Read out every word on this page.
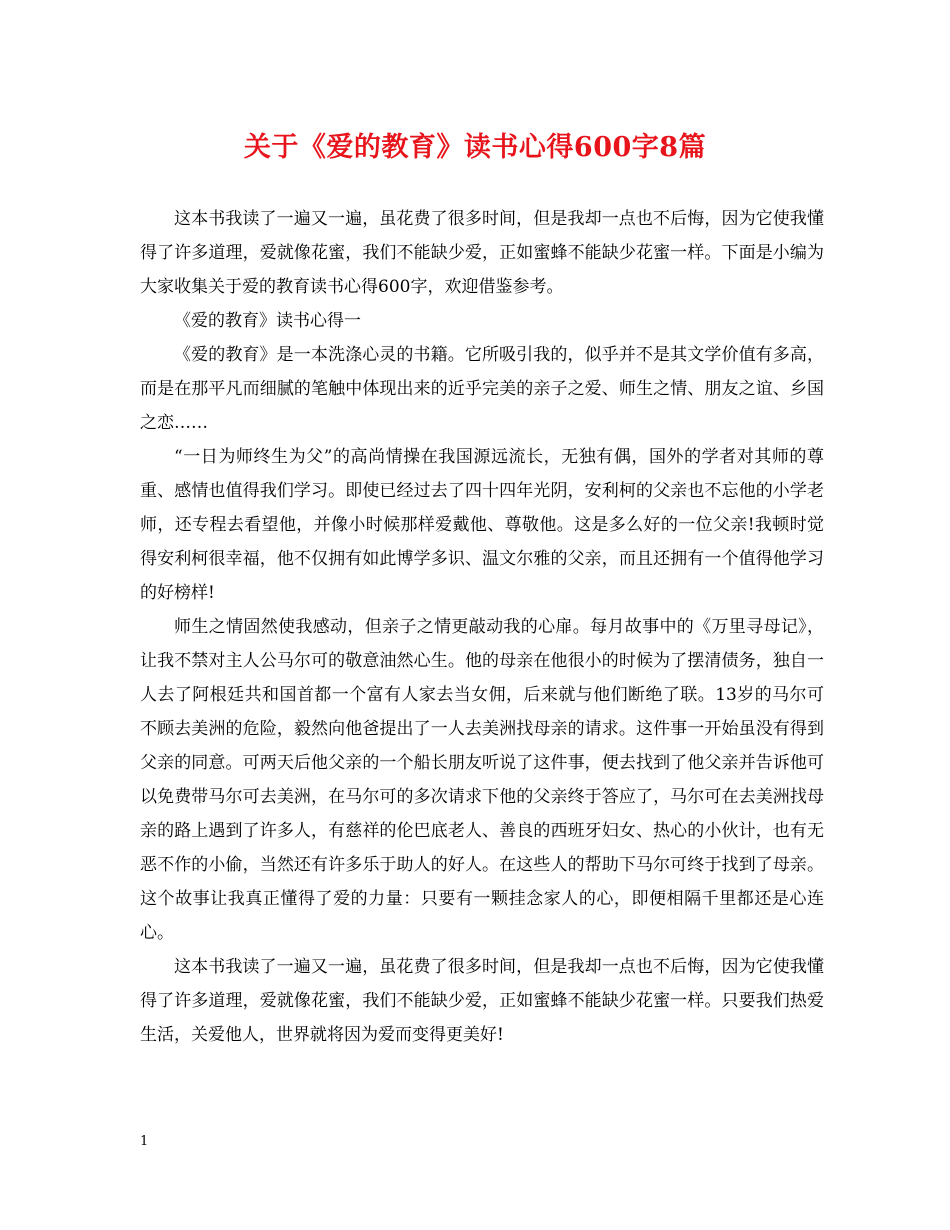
关于《爱的教育》读书心得600字8篇

这本书我读了一遍又一遍，虽花费了很多时间，但是我却一点也不后悔，因为它使我懂得了许多道理，爱就像花蜜，我们不能缺少爱，正如蜜蜂不能缺少花蜜一样。下面是小编为大家收集关于爱的教育读书心得600字，欢迎借鉴参考。

《爱的教育》读书心得一

《爱的教育》是一本洗涤心灵的书籍。它所吸引我的，似乎并不是其文学价值有多高，而是在那平凡而细腻的笔触中体现出来的近乎完美的亲子之爱、师生之情、朋友之谊、乡国之恋……

“一日为师终生为父”的高尚情操在我国源远流长，无独有偶，国外的学者对其师的尊重、感情也值得我们学习。即使已经过去了四十四年光阴，安利柯的父亲也不忘他的小学老师，还专程去看望他，并像小时候那样爱戴他、尊敬他。这是多么好的一位父亲!我顿时觉得安利柯很幸福，他不仅拥有如此博学多识、温文尔雅的父亲，而且还拥有一个值得他学习的好榜样!

师生之情固然使我感动，但亲子之情更敲动我的心扉。每月故事中的《万里寻母记》，让我不禁对主人公马尔可的敬意油然心生。他的母亲在他很小的时候为了摆清债务，独自一人去了阿根廷共和国首都一个富有人家去当女佣，后来就与他们断绝了联。13岁的马尔可不顾去美洲的危险，毅然向他爸提出了一人去美洲找母亲的请求。这件事一开始虽没有得到父亲的同意。可两天后他父亲的一个船长朋友听说了这件事，便去找到了他父亲并告诉他可以免费带马尔可去美洲，在马尔可的多次请求下他的父亲终于答应了，马尔可在去美洲找母亲的路上遇到了许多人，有慈祥的伦巴底老人、善良的西班牙妇女、热心的小伙计，也有无恶不作的小偷，当然还有许多乐于助人的好人。在这些人的帮助下马尔可终于找到了母亲。这个故事让我真正懂得了爱的力量：只要有一颗挂念家人的心，即便相隔千里都还是心连心。

这本书我读了一遍又一遍，虽花费了很多时间，但是我却一点也不后悔，因为它使我懂得了许多道理，爱就像花蜜，我们不能缺少爱，正如蜜蜂不能缺少花蜜一样。只要我们热爱生活，关爱他人，世界就将因为爱而变得更美好!

1
